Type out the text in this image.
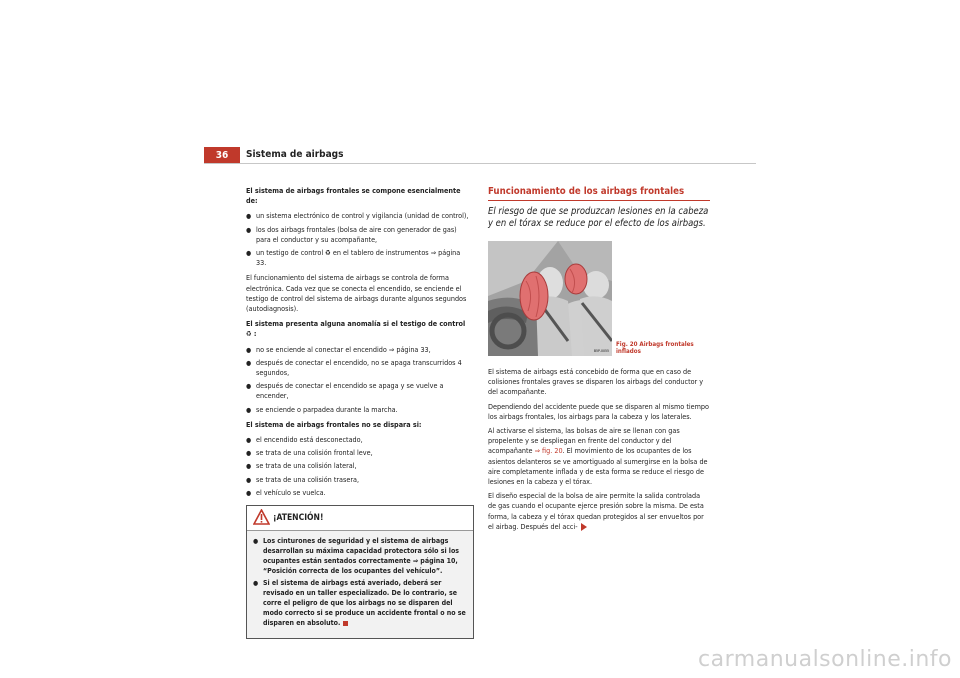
36	Sistema de airbags

El sistema de airbags frontales se compone esencialmente de:

● un sistema electrónico de control y vigilancia (unidad de control),
● los dos airbags frontales (bolsa de aire con generador de gas) para el conductor y su acompañante,
● un testigo de control ♻ en el tablero de instrumentos ⇒ página 33.

El funcionamiento del sistema de airbags se controla de forma electrónica. Cada vez que se conecta el encendido, se enciende el testigo de control del sistema de airbags durante algunos segundos (autodiagnosis).

El sistema presenta alguna anomalía si el testigo de control ♻ :

● no se enciende al conectar el encendido ⇒ página 33,
● después de conectar el encendido, no se apaga transcurridos 4 segundos,
● después de conectar el encendido se apaga y se vuelve a encender,
● se enciende o parpadea durante la marcha.

El sistema de airbags frontales no se dispara si:

● el encendido está desconectado,
● se trata de una colisión frontal leve,
● se trata de una colisión lateral,
● se trata de una colisión trasera,
● el vehículo se vuelca.
¡ATENCIÓN!
● Los cinturones de seguridad y el sistema de airbags desarrollan su máxima capacidad protectora sólo si los ocupantes están sentados correctamente ⇒ página 10, “Posición correcta de los ocupantes del vehículo”.
● Si el sistema de airbags está averiado, deberá ser revisado en un taller especializado. De lo contrario, se corre el peligro de que los airbags no se disparen del modo correcto si se produce un accidente frontal o no se disparen en absoluto.

Funcionamiento de los airbags frontales

El riesgo de que se produzcan lesiones en la cabeza y en el tórax se reduce por el efecto de los airbags.

B5P-0055
Fig. 20 Airbags frontales inflados

El sistema de airbags está concebido de forma que en caso de colisiones frontales graves se disparen los airbags del conductor y del acompañante.

Dependiendo del accidente puede que se disparen al mismo tiempo los airbags frontales, los airbags para la cabeza y los laterales.

Al activarse el sistema, las bolsas de aire se llenan con gas propelente y se despliegan en frente del conductor y del acompañante ⇒ fig. 20. El movimiento de los ocupantes de los asientos delanteros se ve amortiguado al sumergirse en la bolsa de aire completamente inflada y de esta forma se reduce el riesgo de lesiones en la cabeza y el tórax.

El diseño especial de la bolsa de aire permite la salida controlada de gas cuando el ocupante ejerce presión sobre la misma. De esta forma, la cabeza y el tórax quedan protegidos al ser envueltos por el airbag. Después del acci-

carmanualsonline.info
